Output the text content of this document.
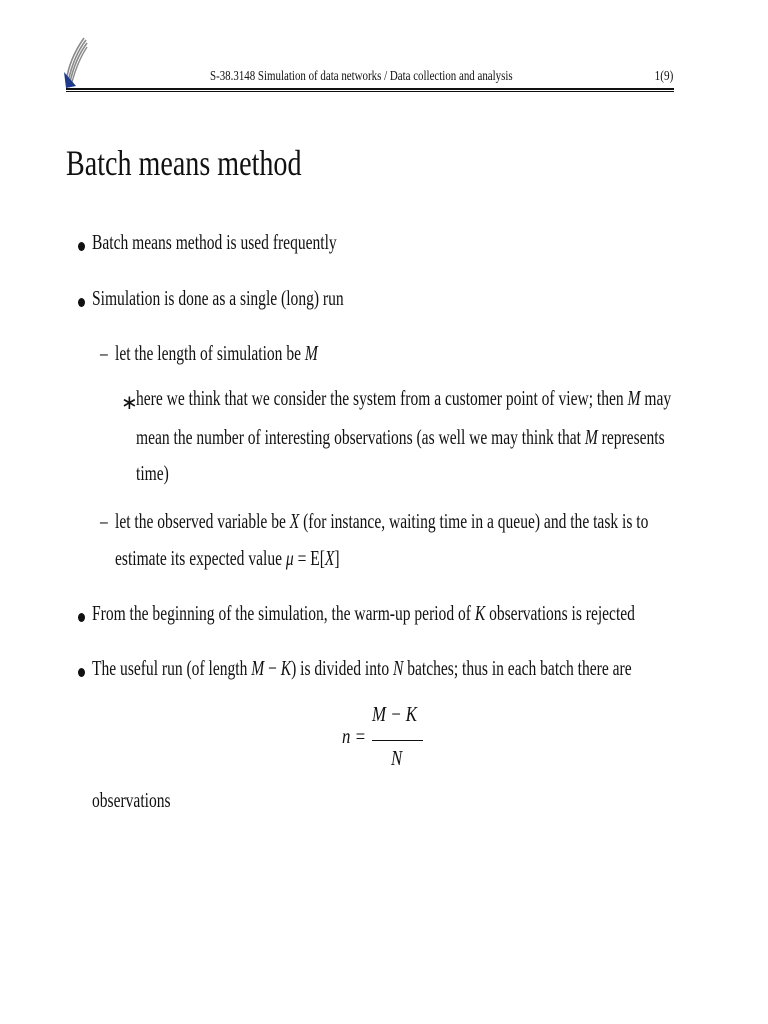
S-38.3148 Simulation of data networks / Data collection and analysis	1(9)
Batch means method
Batch means method is used frequently
Simulation is done as a single (long) run
– let the length of simulation be M
∗
here we think that we consider the system from a customer point of view; then M may
mean the number of interesting observations (as well we may think that M represents
time)
– let the observed variable be X (for instance, waiting time in a queue) and the task is to
estimate its expected value μ = E[X]
From the beginning of the simulation, the warm-up period of K observations is rejected
The useful run (of length M − K) is divided into N batches; thus in each batch there are
n =
M − K
N
observations
